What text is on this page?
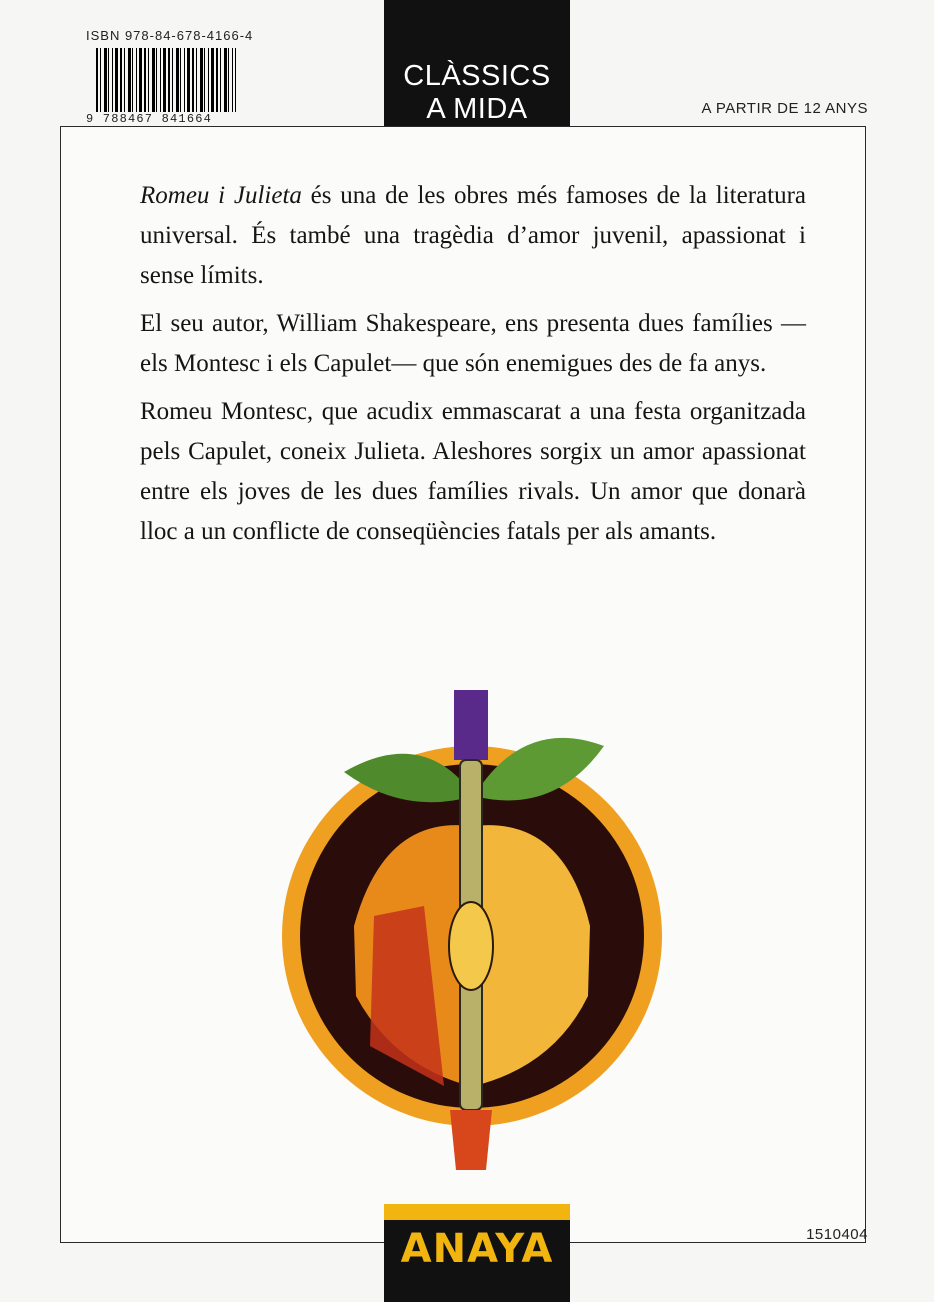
ISBN 978-84-678-4166-4
9 788467 841664
CLÀSSICS
A MIDA	A PARTIR DE 12 ANYS

Romeu i Julieta és una de les obres més famoses de la literatura universal. És també una tragèdia d’amor juvenil, apassionat i sense límits.

El seu autor, William Shakespeare, ens presenta dues famílies —els Montesc i els Capulet— que són enemigues des de fa anys.

Romeu Montesc, que acudix emmascarat a una festa organitzada pels Capulet, coneix Julieta. Aleshores sorgix un amor apassionat entre els joves de les dues famílies rivals. Un amor que donarà lloc a un conflicte de conseqüències fatals per als amants.

ANAYA	1510404
